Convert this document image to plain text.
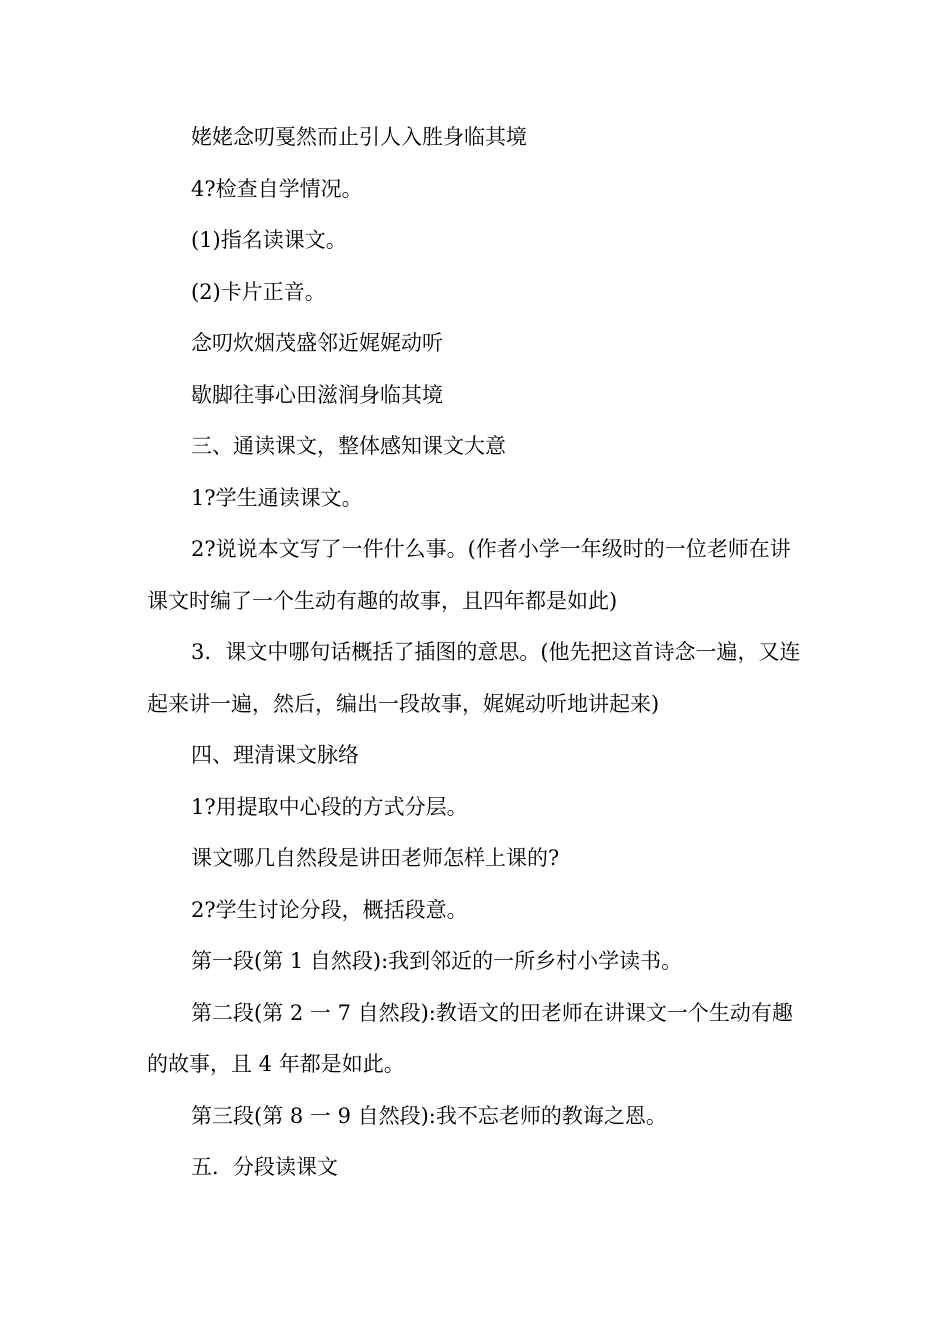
姥姥念叨戛然而止引人入胜身临其境

4?检查自学情况。

(1)指名读课文。

(2)卡片正音。

念叨炊烟茂盛邻近娓娓动听

歇脚往事心田滋润身临其境

三、通读课文，整体感知课文大意

1?学生通读课文。

2?说说本文写了一件什么事。(作者小学一年级时的一位老师在讲课文时编了一个生动有趣的故事，且四年都是如此)

3．课文中哪句话概括了插图的意思。(他先把这首诗念一遍，又连起来讲一遍，然后，编出一段故事，娓娓动听地讲起来)

四、理清课文脉络

1?用提取中心段的方式分层。

课文哪几自然段是讲田老师怎样上课的?

2?学生讨论分段，概括段意。

第一段(第 1 自然段):我到邻近的一所乡村小学读书。

第二段(第 2 一 7 自然段):教语文的田老师在讲课文一个生动有趣的故事，且 4 年都是如此。

第三段(第 8 一 9 自然段):我不忘老师的教诲之恩。

五．分段读课文
